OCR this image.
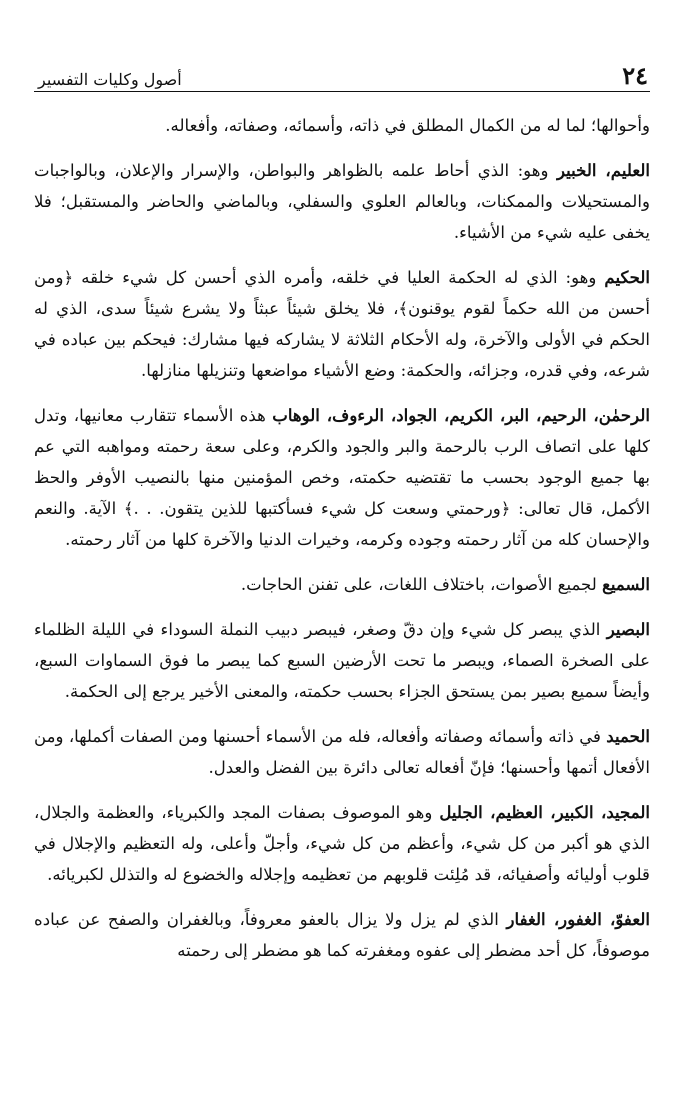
٢٤
أصول وكليات التفسير

وأحوالها؛ لما له من الكمال المطلق في ذاته، وأسمائه، وصفاته، وأفعاله.

العليم، الخبير وهو: الذي أحاط علمه بالظواهر والبواطن، والإسرار والإعلان، وبالواجبات والمستحيلات والممكنات، وبالعالم العلوي والسفلي، وبالماضي والحاضر والمستقبل؛ فلا يخفى عليه شيء من الأشياء.

الحكيم وهو: الذي له الحكمة العليا في خلقه، وأمره الذي أحسن كل شيء خلقه ﴿ومن أحسن من الله حكماً لقوم يوقنون﴾، فلا يخلق شيئاً عبثاً ولا يشرع شيئاً سدى، الذي له الحكم في الأولى والآخرة، وله الأحكام الثلاثة لا يشاركه فيها مشارك: فيحكم بين عباده في شرعه، وفي قدره، وجزائه، والحكمة: وضع الأشياء مواضعها وتنزيلها منازلها.

الرحمٰن، الرحيم، البر، الكريم، الجواد، الرءوف، الوهاب هذه الأسماء تتقارب معانيها، وتدل كلها على اتصاف الرب بالرحمة والبر والجود والكرم، وعلى سعة رحمته ومواهبه التي عم بها جميع الوجود بحسب ما تقتضيه حكمته، وخص المؤمنين منها بالنصيب الأوفر والحظ الأكمل، قال تعالى: ﴿ورحمتي وسعت كل شيء فسأكتبها للذين يتقون. . .﴾ الآية. والنعم والإحسان كله من آثار رحمته وجوده وكرمه، وخيرات الدنيا والآخرة كلها من آثار رحمته.

السميع لجميع الأصوات، باختلاف اللغات، على تفنن الحاجات.

البصير الذي يبصر كل شيء وإن دقّ وصغر، فيبصر دبيب النملة السوداء في الليلة الظلماء على الصخرة الصماء، ويبصر ما تحت الأرضين السبع كما يبصر ما فوق السماوات السبع، وأيضاً سميع بصير بمن يستحق الجزاء بحسب حكمته، والمعنى الأخير يرجع إلى الحكمة.

الحميد في ذاته وأسمائه وصفاته وأفعاله، فله من الأسماء أحسنها ومن الصفات أكملها، ومن الأفعال أتمها وأحسنها؛ فإنّ أفعاله تعالى دائرة بين الفضل والعدل.

المجيد، الكبير، العظيم، الجليل وهو الموصوف بصفات المجد والكبرياء، والعظمة والجلال، الذي هو أكبر من كل شيء، وأعظم من كل شيء، وأجلّ وأعلى، وله التعظيم والإجلال في قلوب أوليائه وأصفيائه، قد مُلِئت قلوبهم من تعظيمه وإجلاله والخضوع له والتذلل لكبريائه.

العفوّ، الغفور، الغفار الذي لم يزل ولا يزال بالعفو معروفاً، وبالغفران والصفح عن عباده موصوفاً، كل أحد مضطر إلى عفوه ومغفرته كما هو مضطر إلى رحمته
